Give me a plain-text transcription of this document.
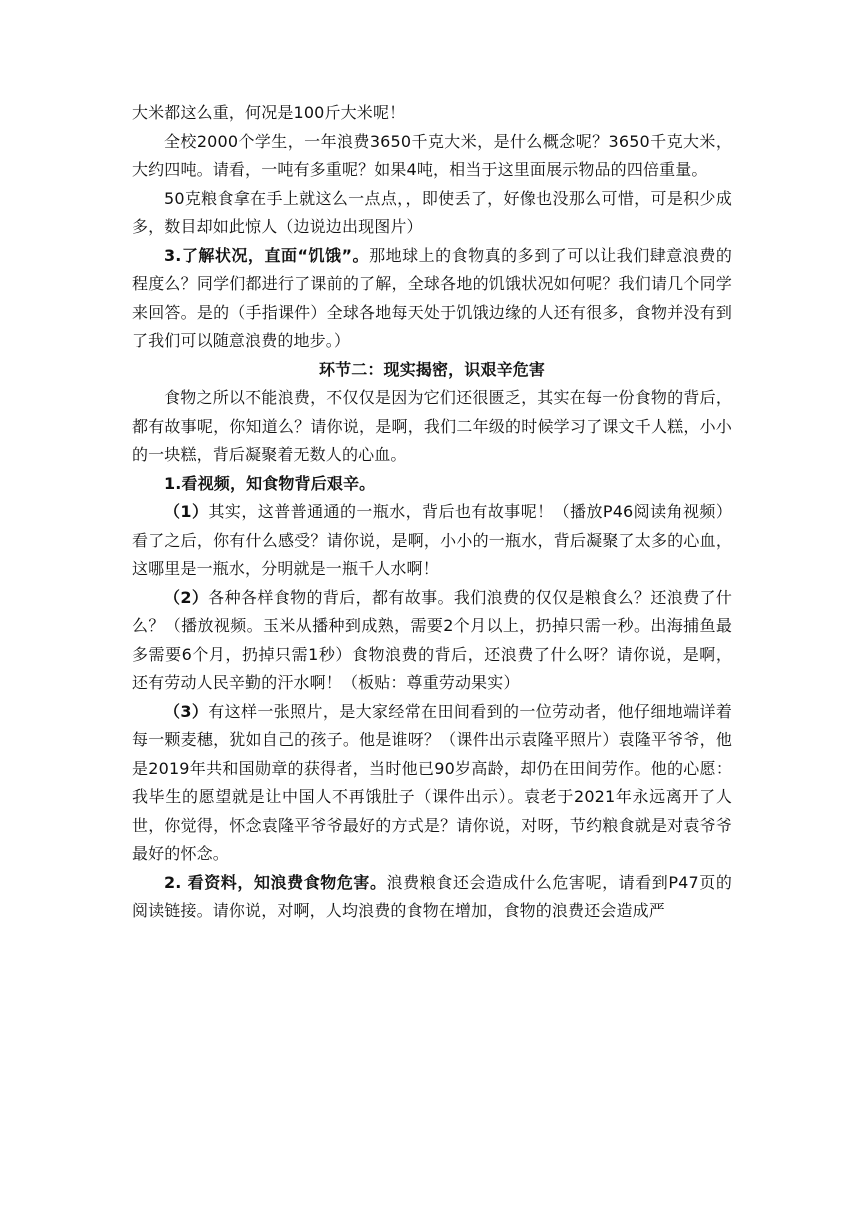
大米都这么重，何况是100斤大米呢！

全校2000个学生，一年浪费3650千克大米，是什么概念呢？3650千克大米，大约四吨。请看，一吨有多重呢？如果4吨，相当于这里面展示物品的四倍重量。

50克粮食拿在手上就这么一点点，，即使丢了，好像也没那么可惜，可是积少成多，数目却如此惊人（边说边出现图片）

3.了解状况，直面“饥饿”。那地球上的食物真的多到了可以让我们肆意浪费的程度么？同学们都进行了课前的了解，全球各地的饥饿状况如何呢？我们请几个同学来回答。是的（手指课件）全球各地每天处于饥饿边缘的人还有很多，食物并没有到了我们可以随意浪费的地步。）

环节二：现实揭密，识艰辛危害

食物之所以不能浪费，不仅仅是因为它们还很匮乏，其实在每一份食物的背后，都有故事呢，你知道么？请你说，是啊，我们二年级的时候学习了课文千人糕，小小的一块糕，背后凝聚着无数人的心血。

1.看视频，知食物背后艰辛。

（1）其实，这普普通通的一瓶水，背后也有故事呢！（播放P46阅读角视频）看了之后，你有什么感受？请你说，是啊，小小的一瓶水，背后凝聚了太多的心血，这哪里是一瓶水，分明就是一瓶千人水啊！

（2）各种各样食物的背后，都有故事。我们浪费的仅仅是粮食么？还浪费了什么？（播放视频。玉米从播种到成熟，需要2个月以上，扔掉只需一秒。出海捕鱼最多需要6个月，扔掉只需1秒）食物浪费的背后，还浪费了什么呀？请你说，是啊，还有劳动人民辛勤的汗水啊！（板贴：尊重劳动果实）

（3）有这样一张照片，是大家经常在田间看到的一位劳动者，他仔细地端详着每一颗麦穗，犹如自己的孩子。他是谁呀？（课件出示袁隆平照片）袁隆平爷爷，他是2019年共和国勋章的获得者，当时他已90岁高龄，却仍在田间劳作。他的心愿：我毕生的愿望就是让中国人不再饿肚子（课件出示）。袁老于2021年永远离开了人世，你觉得，怀念袁隆平爷爷最好的方式是？请你说，对呀，节约粮食就是对袁爷爷最好的怀念。

2. 看资料，知浪费食物危害。浪费粮食还会造成什么危害呢，请看到P47页的阅读链接。请你说，对啊，人均浪费的食物在增加，食物的浪费还会造成严
